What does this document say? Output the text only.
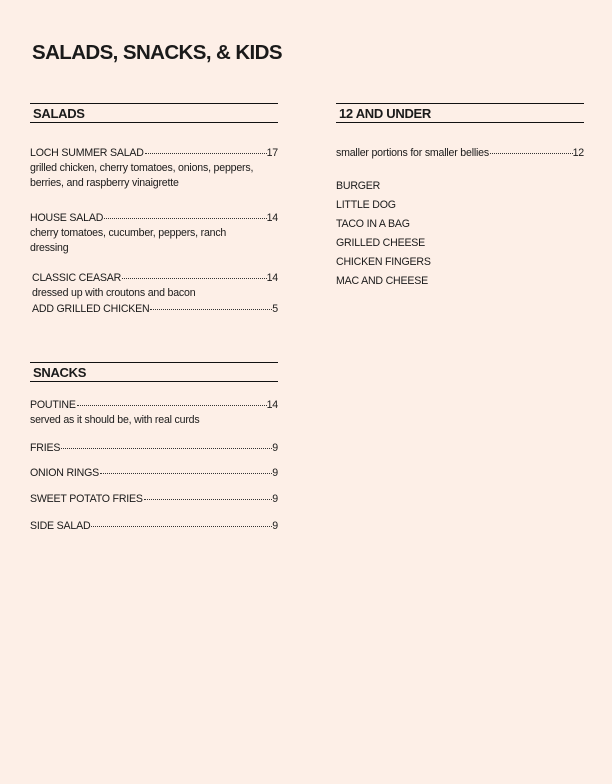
SALADS, SNACKS, & KIDS
SALADS
LOCH SUMMER SALAD	17
grilled chicken, cherry tomatoes, onions, peppers, berries, and raspberry vinaigrette
HOUSE SALAD	14
cherry tomatoes, cucumber, peppers, ranch dressing
CLASSIC CEASAR	14
dressed up with croutons and bacon
ADD GRILLED CHICKEN	5
SNACKS
POUTINE	14
served as it should be, with real curds
FRIES	9
ONION RINGS	9
SWEET POTATO FRIES	9
SIDE SALAD	9
12 AND UNDER
smaller portions for smaller bellies	12
BURGER
LITTLE DOG
TACO IN A BAG
GRILLED CHEESE
CHICKEN FINGERS
MAC AND CHEESE
